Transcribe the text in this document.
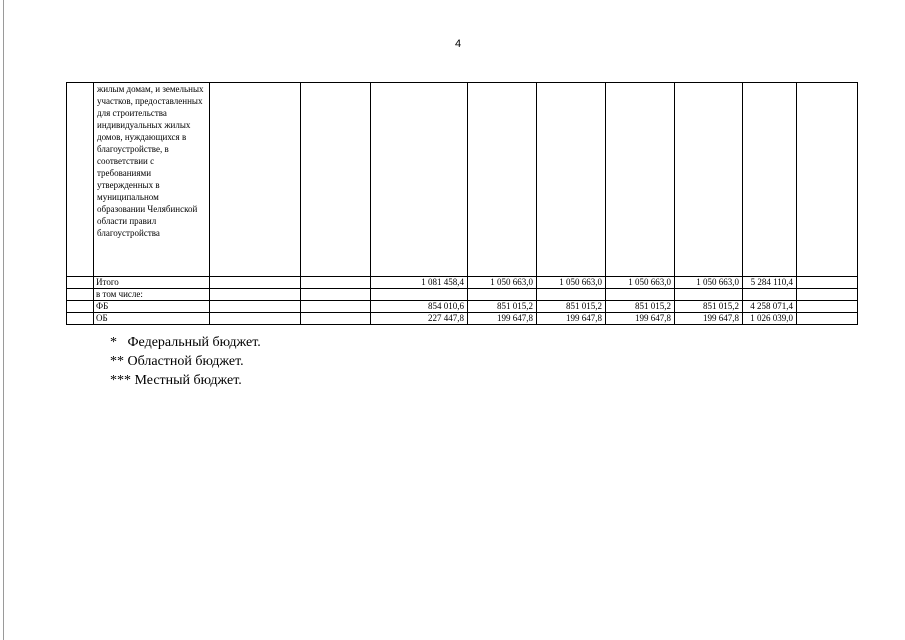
4
	жилым домам, и земельных участков, предоставленных для строительства индивидуальных жилых домов, нуждающихся в благоустройстве, в соответствии с требованиями утвержденных в муниципальном образовании Челябинской области правил благоустройства									
	Итого			1 081 458,4	1 050 663,0	1 050 663,0	1 050 663,0	1 050 663,0	5 284 110,4	
	в том числе:									
	ФБ			854 010,6	851 015,2	851 015,2	851 015,2	851 015,2	4 258 071,4	
	ОБ			227 447,8	199 647,8	199 647,8	199 647,8	199 647,8	1 026 039,0	
*   Федеральный бюджет.
** Областной бюджет.
*** Местный бюджет.
